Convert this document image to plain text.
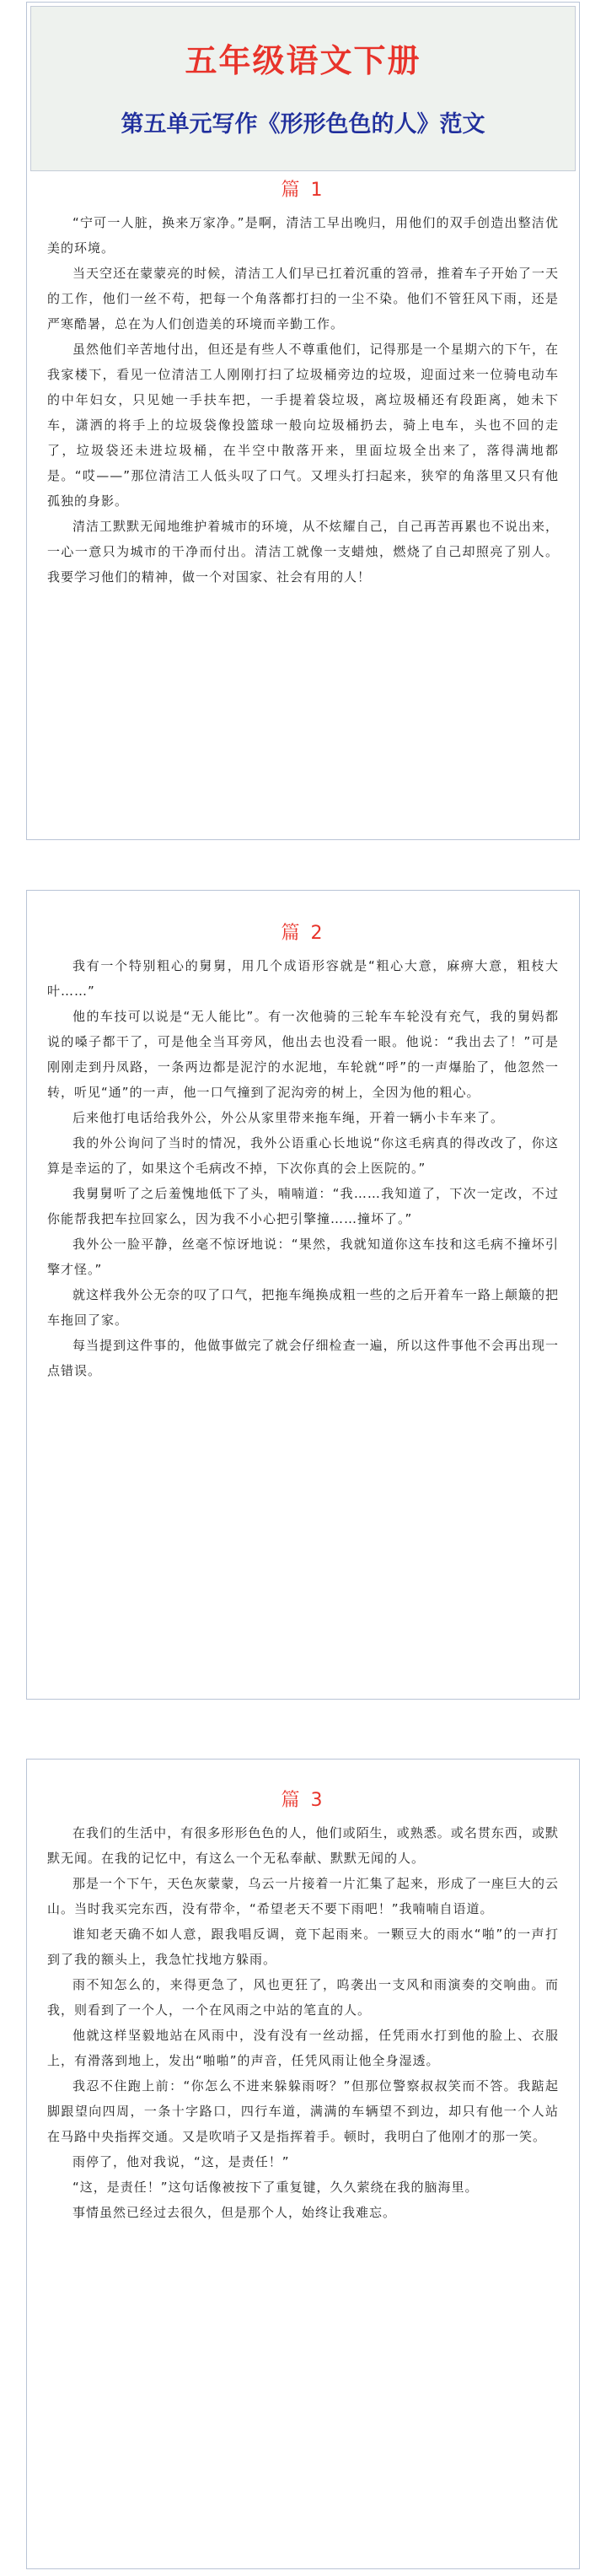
五年级语文下册
第五单元写作《形形色色的人》范文
篇 1

“宁可一人脏，换来万家净。”是啊，清洁工早出晚归，用他们的双手创造出整洁优美的环境。

当天空还在蒙蒙亮的时候，清洁工人们早已扛着沉重的笤帚，推着车子开始了一天的工作，他们一丝不苟，把每一个角落都打扫的一尘不染。他们不管狂风下雨，还是严寒酷暑，总在为人们创造美的环境而辛勤工作。

虽然他们辛苦地付出，但还是有些人不尊重他们，记得那是一个星期六的下午，在我家楼下，看见一位清洁工人刚刚打扫了垃圾桶旁边的垃圾，迎面过来一位骑电动车的中年妇女，只见她一手扶车把，一手提着袋垃圾，离垃圾桶还有段距离，她未下车，潇洒的将手上的垃圾袋像投篮球一般向垃圾桶扔去，骑上电车，头也不回的走了，垃圾袋还未进垃圾桶，在半空中散落开来，里面垃圾全出来了，落得满地都是。“哎——”那位清洁工人低头叹了口气。又埋头打扫起来，狭窄的角落里又只有他孤独的身影。

清洁工默默无闻地维护着城市的环境，从不炫耀自己，自己再苦再累也不说出来，一心一意只为城市的干净而付出。清洁工就像一支蜡烛，燃烧了自己却照亮了别人。我要学习他们的精神，做一个对国家、社会有用的人！

篇 2

我有一个特别粗心的舅舅，用几个成语形容就是“粗心大意，麻痹大意，粗枝大叶……”

他的车技可以说是“无人能比”。有一次他骑的三轮车车轮没有充气，我的舅妈都说的嗓子都干了，可是他全当耳旁风，他出去也没看一眼。他说：“我出去了！”可是刚刚走到丹凤路，一条两边都是泥泞的水泥地，车轮就“呼”的一声爆胎了，他忽然一转，听见“通”的一声，他一口气撞到了泥沟旁的树上，全因为他的粗心。

后来他打电话给我外公，外公从家里带来拖车绳，开着一辆小卡车来了。

我的外公询问了当时的情况，我外公语重心长地说“你这毛病真的得改改了，你这算是幸运的了，如果这个毛病改不掉，下次你真的会上医院的。”

我舅舅听了之后羞愧地低下了头，喃喃道：“我……我知道了，下次一定改，不过你能帮我把车拉回家么，因为我不小心把引擎撞……撞坏了。”

我外公一脸平静，丝毫不惊讶地说：“果然，我就知道你这车技和这毛病不撞坏引擎才怪。”

就这样我外公无奈的叹了口气，把拖车绳换成粗一些的之后开着车一路上颠簸的把车拖回了家。

每当提到这件事的，他做事做完了就会仔细检查一遍，所以这件事他不会再出现一点错误。

篇 3

在我们的生活中，有很多形形色色的人，他们或陌生，或熟悉。或名贯东西，或默默无闻。在我的记忆中，有这么一个无私奉献、默默无闻的人。

那是一个下午，天色灰蒙蒙，乌云一片接着一片汇集了起来，形成了一座巨大的云山。当时我买完东西，没有带伞，“希望老天不要下雨吧！”我喃喃自语道。

谁知老天确不如人意，跟我唱反调，竟下起雨来。一颗豆大的雨水“啪”的一声打到了我的额头上，我急忙找地方躲雨。

雨不知怎么的，来得更急了，风也更狂了，呜袭出一支风和雨演奏的交响曲。而我，则看到了一个人，一个在风雨之中站的笔直的人。

他就这样坚毅地站在风雨中，没有没有一丝动摇，任凭雨水打到他的脸上、衣服上，有滑落到地上，发出“啪啪”的声音，任凭风雨让他全身湿透。

我忍不住跑上前：“你怎么不进来躲躲雨呀？”但那位警察叔叔笑而不答。我踮起脚跟望向四周，一条十字路口，四行车道，满满的车辆望不到边，却只有他一个人站在马路中央指挥交通。又是吹哨子又是指挥着手。顿时，我明白了他刚才的那一笑。

雨停了，他对我说，“这，是责任！”

“这，是责任！”这句话像被按下了重复键，久久萦绕在我的脑海里。

事情虽然已经过去很久，但是那个人，始终让我难忘。
